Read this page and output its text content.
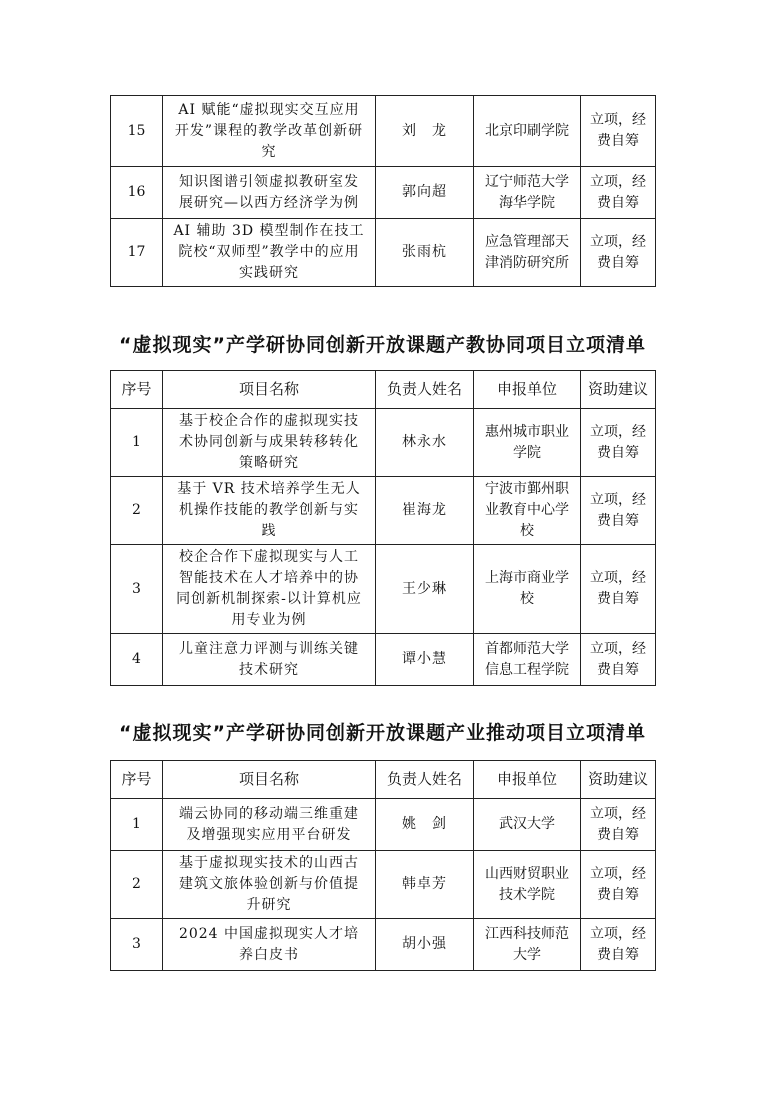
15	AI 赋能“虚拟现实交互应用开发”课程的教学改革创新研究	刘　龙	北京印刷学院	立项，经费自筹
16	知识图谱引领虚拟教研室发展研究—以西方经济学为例	郭向超	辽宁师范大学海华学院	立项，经费自筹
17	AI 辅助 3D 模型制作在技工院校“双师型”教学中的应用实践研究	张雨杭	应急管理部天津消防研究所	立项，经费自筹
“虚拟现实”产学研协同创新开放课题产教协同项目立项清单
序号	项目名称	负责人姓名	申报单位	资助建议
1	基于校企合作的虚拟现实技术协同创新与成果转移转化策略研究	林永水	惠州城市职业学院	立项，经费自筹
2	基于 VR 技术培养学生无人机操作技能的教学创新与实践	崔海龙	宁波市鄞州职业教育中心学校	立项，经费自筹
3	校企合作下虚拟现实与人工智能技术在人才培养中的协同创新机制探索-以计算机应用专业为例	王少琳	上海市商业学校	立项，经费自筹
4	儿童注意力评测与训练关键技术研究	谭小慧	首都师范大学信息工程学院	立项，经费自筹
“虚拟现实”产学研协同创新开放课题产业推动项目立项清单
序号	项目名称	负责人姓名	申报单位	资助建议
1	端云协同的移动端三维重建及增强现实应用平台研发	姚　剑	武汉大学	立项，经费自筹
2	基于虚拟现实技术的山西古建筑文旅体验创新与价值提升研究	韩卓芳	山西财贸职业技术学院	立项，经费自筹
3	2024 中国虚拟现实人才培养白皮书	胡小强	江西科技师范大学	立项，经费自筹
